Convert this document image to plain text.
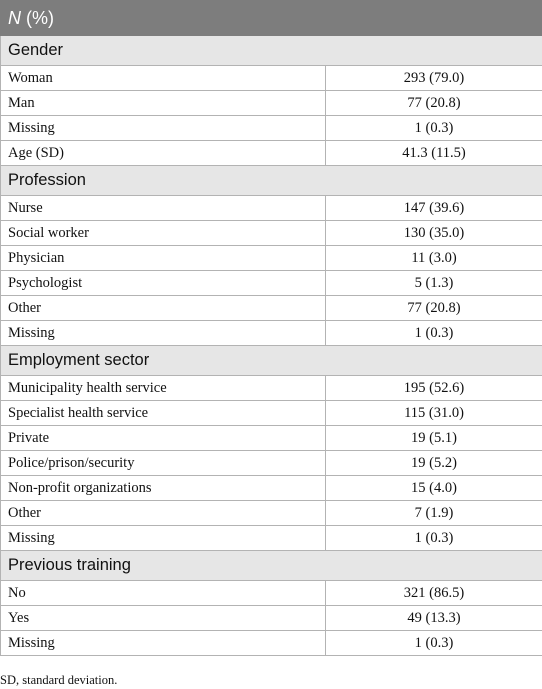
N (%)	
Gender	
Woman	293 (79.0)
Man	77 (20.8)
Missing	1 (0.3)
Age (SD)	41.3 (11.5)
Profession	
Nurse	147 (39.6)
Social worker	130 (35.0)
Physician	11 (3.0)
Psychologist	5 (1.3)
Other	77 (20.8)
Missing	1 (0.3)
Employment sector	
Municipality health service	195 (52.6)
Specialist health service	115 (31.0)
Private	19 (5.1)
Police/prison/security	19 (5.2)
Non-profit organizations	15 (4.0)
Other	7 (1.9)
Missing	1 (0.3)
Previous training	
No	321 (86.5)
Yes	49 (13.3)
Missing	1 (0.3)
SD, standard deviation.
